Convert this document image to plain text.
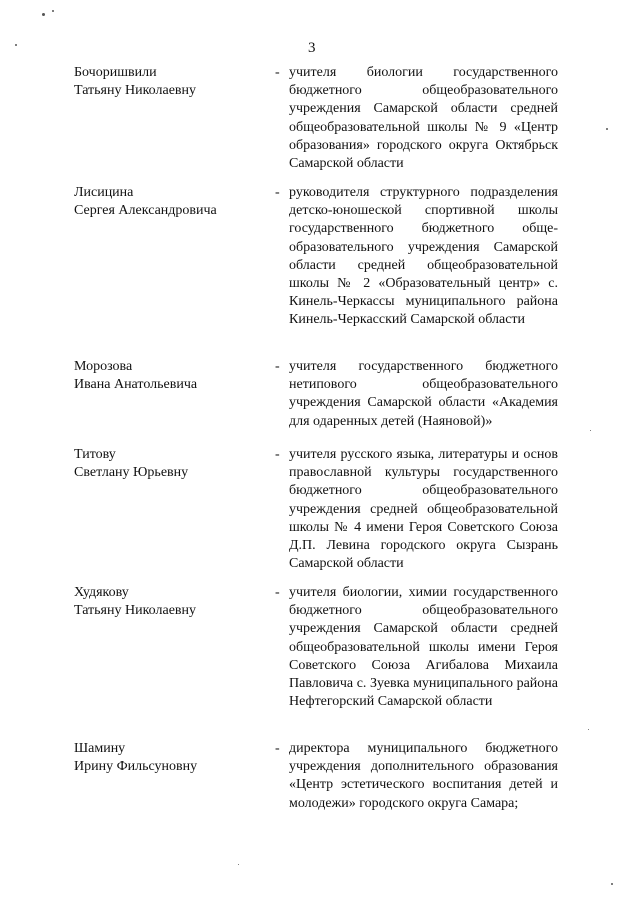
3
Бочоришвили
Татьяну Николаевну
- учителя биологии государственного бюджетного общеобразовательного учреждения Самарской области средней общеобразовательной школы № 9 «Центр образования» городского округа Октябрьск Самарской области
Лисицина
Сергея Александровича
- руководителя структурного подразделения детско-юношеской спортивной школы государственного бюджетного общеобразовательного учреждения Самарской области средней общеобразовательной школы № 2 «Образовательный центр» с. Кинель-Черкассы муниципального района Кинель-Черкасский Самарской области
Морозова
Ивана Анатольевича
- учителя государственного бюджетного нетипового общеобразовательного учреждения Самарской области «Академия для одаренных детей (Наяновой)»
Титову
Светлану Юрьевну
- учителя русского языка, литературы и основ православной культуры государственного бюджетного общеобразовательного учреждения средней общеобразовательной школы № 4 имени Героя Советского Союза Д.П. Левина городского округа Сызрань Самарской области
Худякову
Татьяну Николаевну
- учителя биологии, химии государственного бюджетного общеобразовательного учреждения Самарской области средней общеобразовательной школы имени Героя Советского Союза Агибалова Михаила Павловича с. Зуевка муниципального района Нефтегорский Самарской области
Шамину
Ирину Фильсуновну
- директора муниципального бюджетного учреждения дополнительного образования «Центр эстетического воспитания детей и молодежи» городского округа Самара;
